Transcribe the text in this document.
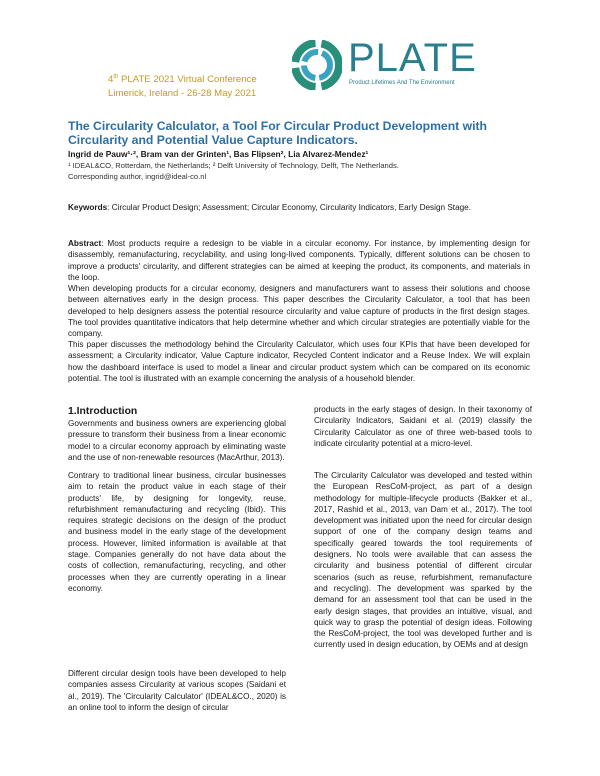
4th PLATE 2021 Virtual Conference
Limerick, Ireland - 26-28 May 2021
PLATE
Product Lifetimes And The Environment
The Circularity Calculator, a Tool For Circular Product Development with Circularity and Potential Value Capture Indicators.
Ingrid de Pauw¹·², Bram van der Grinten¹, Bas Flipsen², Lia Alvarez-Mendez¹
¹ IDEAL&CO, Rotterdam, the Netherlands; ² Delft University of Technology, Delft, The Netherlands.
Corresponding author, ingrid@ideal-co.nl

Keywords: Circular Product Design; Assessment; Circular Economy, Circularity Indicators, Early Design Stage.

Abstract: Most products require a redesign to be viable in a circular economy. For instance, by implementing design for disassembly, remanufacturing, recyclability, and using long-lived components. Typically, different solutions can be chosen to improve a products' circularity, and different strategies can be aimed at keeping the product, its components, and materials in the loop.

When developing products for a circular economy, designers and manufacturers want to assess their solutions and choose between alternatives early in the design process. This paper describes the Circularity Calculator, a tool that has been developed to help designers assess the potential resource circularity and value capture of products in the first design stages. The tool provides quantitative indicators that help determine whether and which circular strategies are potentially viable for the company.

This paper discusses the methodology behind the Circularity Calculator, which uses four KPIs that have been developed for assessment; a Circularity indicator, Value Capture indicator, Recycled Content indicator and a Reuse Index. We will explain how the dashboard interface is used to model a linear and circular product system which can be compared on its economic potential. The tool is illustrated with an example concerning the analysis of a household blender.

1.Introduction

Governments and business owners are experiencing global pressure to transform their business from a linear economic model to a circular economy approach by eliminating waste and the use of non-renewable resources (MacArthur, 2013).

Contrary to traditional linear business, circular businesses aim to retain the product value in each stage of their products' life, by designing for longevity, reuse, refurbishment remanufacturing and recycling (Ibid). This requires strategic decisions on the design of the product and business model in the early stage of the development process. However, limited information is available at that stage. Companies generally do not have data about the costs of collection, remanufacturing, recycling, and other processes when they are currently operating in a linear economy.

Different circular design tools have been developed to help companies assess Circularity at various scopes (Saidani et al., 2019). The 'Circularity Calculator' (IDEAL&CO., 2020) is an online tool to inform the design of circular

products in the early stages of design. In their taxonomy of Circularity Indicators, Saidani et al. (2019) classify the Circularity Calculator as one of three web-based tools to indicate circularity potential at a micro-level.

The Circularity Calculator was developed and tested within the European ResCoM-project, as part of a design methodology for multiple-lifecycle products (Bakker et al., 2017, Rashid et al., 2013, van Dam et al., 2017). The tool development was initiated upon the need for circular design support of one of the company design teams and specifically geared towards the tool requirements of designers. No tools were available that can assess the circularity and business potential of different circular scenarios (such as reuse, refurbishment, remanufacture and recycling). The development was sparked by the demand for an assessment tool that can be used in the early design stages, that provides an intuitive, visual, and quick way to grasp the potential of design ideas. Following the ResCoM-project, the tool was developed further and is currently used in design education, by OEMs and at design
